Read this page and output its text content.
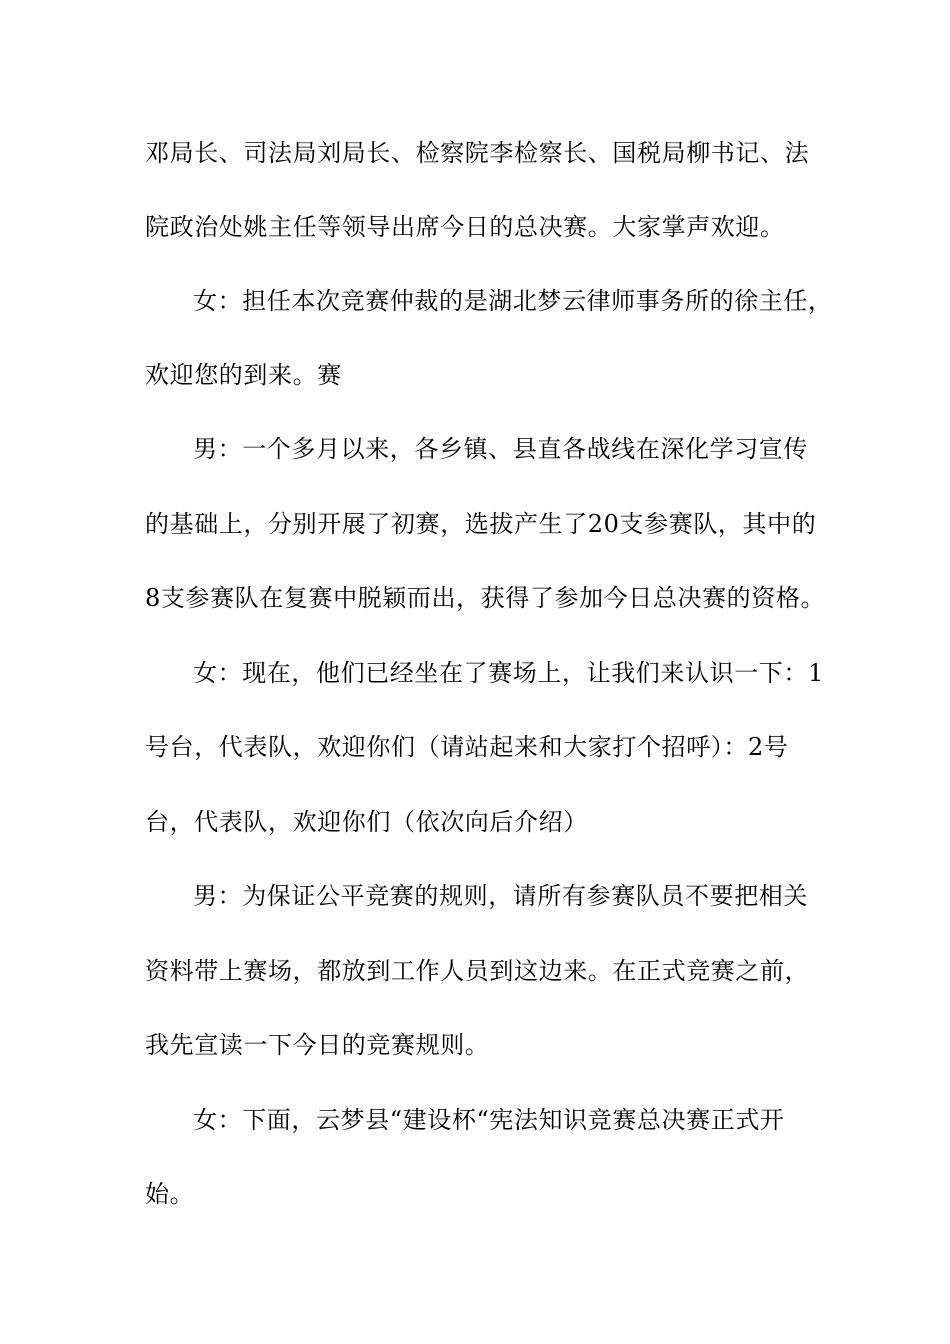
邓局长、司法局刘局长、检察院李检察长、国税局柳书记、法
院政治处姚主任等领导出席今日的总决赛。大家掌声欢迎。
女：担任本次竞赛仲裁的是湖北梦云律师事务所的徐主任，
欢迎您的到来。赛
男：一个多月以来，各乡镇、县直各战线在深化学习宣传
的基础上，分别开展了初赛，选拔产生了20支参赛队，其中的
8支参赛队在复赛中脱颖而出，获得了参加今日总决赛的资格。
女：现在，他们已经坐在了赛场上，让我们来认识一下：1
号台，代表队，欢迎你们（请站起来和大家打个招呼）：2号
台，代表队，欢迎你们（依次向后介绍）
男：为保证公平竞赛的规则，请所有参赛队员不要把相关
资料带上赛场，都放到工作人员到这边来。在正式竞赛之前，
我先宣读一下今日的竞赛规则。
女：下面，云梦县“建设杯“宪法知识竞赛总决赛正式开
始。
